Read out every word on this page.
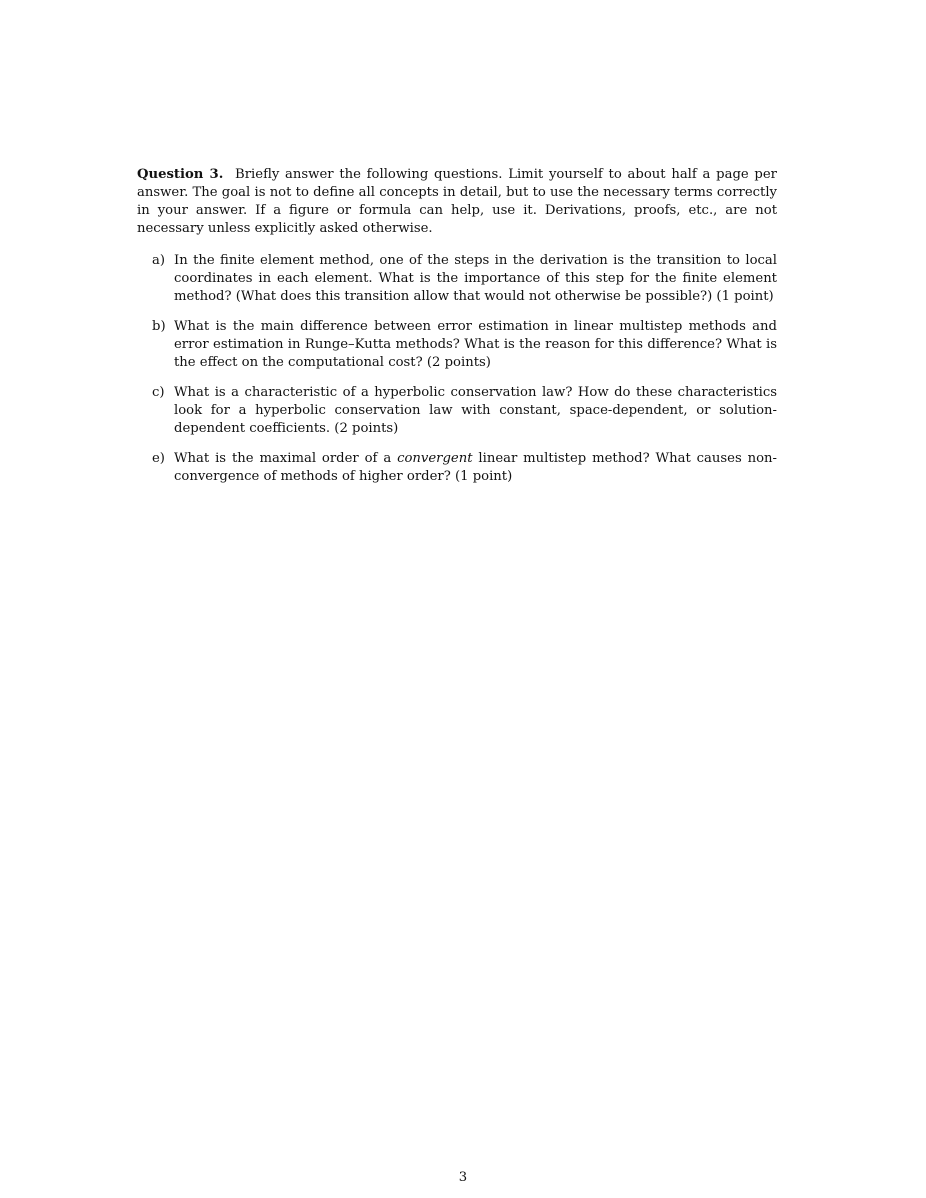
Question 3. Briefly answer the following questions. Limit yourself to about half a page per answer. The goal is not to define all concepts in detail, but to use the necessary terms correctly in your answer. If a figure or formula can help, use it. Derivations, proofs, etc., are not necessary unless explicitly asked otherwise.

a) In the finite element method, one of the steps in the derivation is the transition to local coordinates in each element. What is the importance of this step for the finite element method? (What does this transition allow that would not otherwise be possible?) (1 point)
b) What is the main difference between error estimation in linear multistep methods and error estimation in Runge–Kutta methods? What is the reason for this difference? What is the effect on the computational cost? (2 points)
c) What is a characteristic of a hyperbolic conservation law? How do these characteristics look for a hyperbolic conservation law with constant, space-dependent, or solution-dependent coefficients. (2 points)
e) What is the maximal order of a convergent linear multistep method? What causes non-convergence of methods of higher order? (1 point)
3
